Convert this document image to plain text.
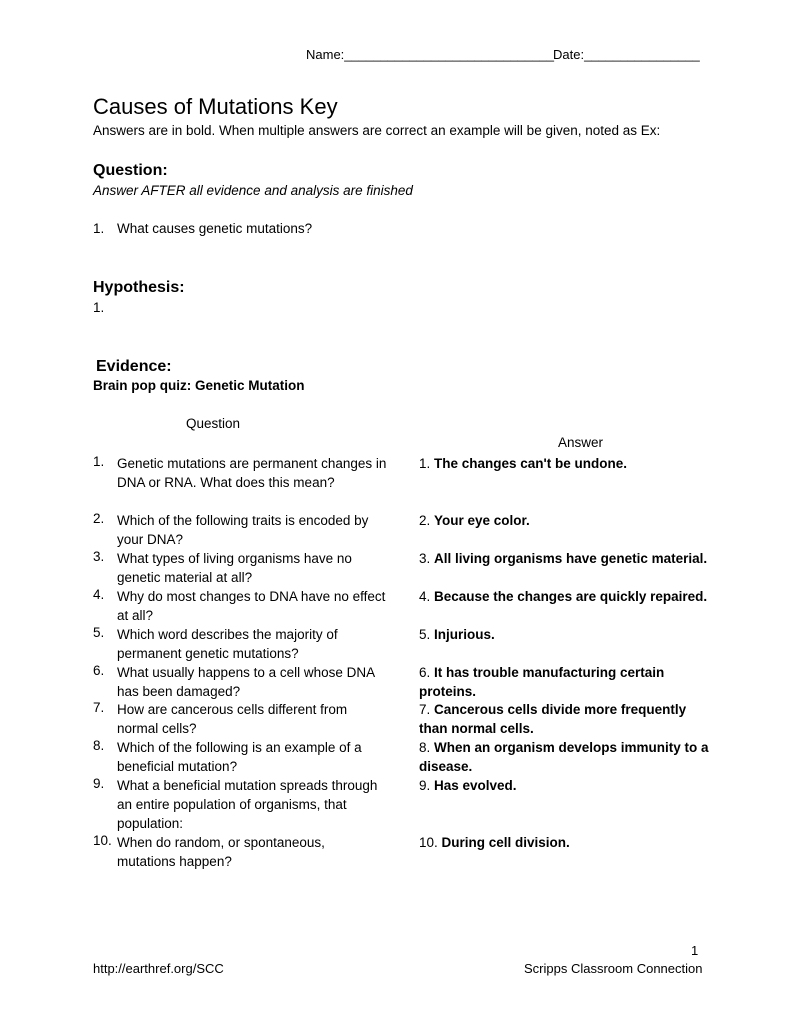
Name:_____________________________ Date:________________
Causes of Mutations Key
Answers are in bold. When multiple answers are correct an example will be given, noted as Ex:
Question:
Answer AFTER all evidence and analysis are finished
1. What causes genetic mutations?
Hypothesis:
1.
Evidence:
Brain pop quiz: Genetic Mutation
Question
Answer
1. Genetic mutations are permanent changes in DNA or RNA. What does this mean?
1. The changes can't be undone.
2. Which of the following traits is encoded by your DNA?
2. Your eye color.
3. What types of living organisms have no genetic material at all?
3. All living organisms have genetic material.
4. Why do most changes to DNA have no effect at all?
4. Because the changes are quickly repaired.
5. Which word describes the majority of permanent genetic mutations?
5. Injurious.
6. What usually happens to a cell whose DNA has been damaged?
6. It has trouble manufacturing certain proteins.
7. How are cancerous cells different from normal cells?
7. Cancerous cells divide more frequently than normal cells.
8. Which of the following is an example of a beneficial mutation?
8. When an organism develops immunity to a disease.
9. What a beneficial mutation spreads through an entire population of organisms, that population:
9. Has evolved.
10. When do random, or spontaneous, mutations happen?
10. During cell division.
1
http://earthref.org/SCC	Scripps Classroom Connection
